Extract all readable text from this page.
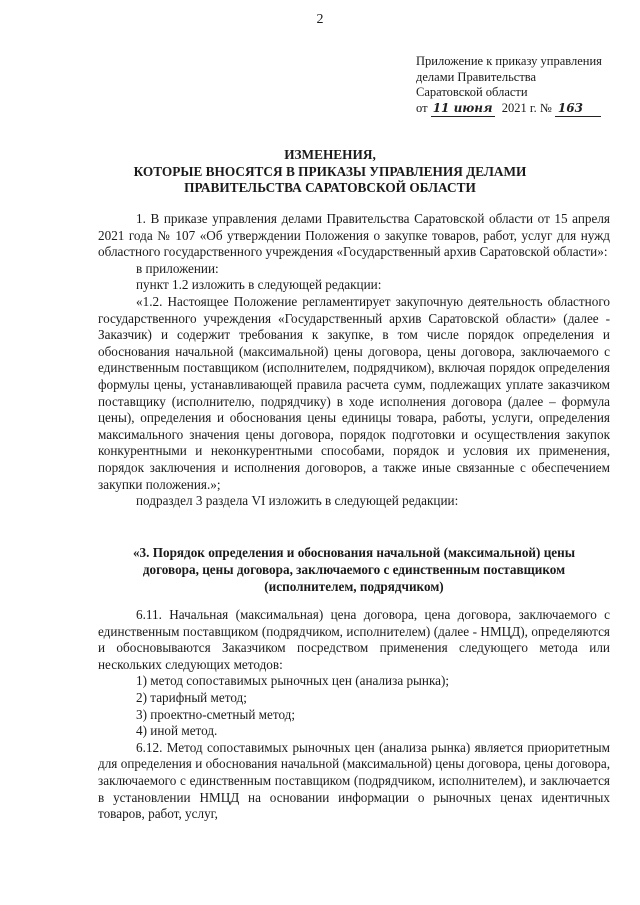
2
Приложение к приказу управления
делами Правительства
Саратовской области
от 11 июня 2021 г. № 163
ИЗМЕНЕНИЯ,
КОТОРЫЕ ВНОСЯТСЯ В ПРИКАЗЫ УПРАВЛЕНИЯ ДЕЛАМИ
ПРАВИТЕЛЬСТВА САРАТОВСКОЙ ОБЛАСТИ

1. В приказе управления делами Правительства Саратовской области от 15 апреля 2021 года № 107 «Об утверждении Положения о закупке товаров, работ, услуг для нужд областного государственного учреждения «Государственный архив Саратовской области»:

в приложении:

пункт 1.2 изложить в следующей редакции:

«1.2. Настоящее Положение регламентирует закупочную деятельность областного государственного учреждения «Государственный архив Саратовской области» (далее - Заказчик) и содержит требования к закупке, в том числе порядок определения и обоснования начальной (максимальной) цены договора, цены договора, заключаемого с единственным поставщиком (исполнителем, подрядчиком), включая порядок определения формулы цены, устанавливающей правила расчета сумм, подлежащих уплате заказчиком поставщику (исполнителю, подрядчику) в ходе исполнения договора (далее – формула цены), определения и обоснования цены единицы товара, работы, услуги, определения максимального значения цены договора, порядок подготовки и осуществления закупок конкурентными и неконкурентными способами, порядок и условия их применения, порядок заключения и исполнения договоров, а также иные связанные с обеспечением закупки положения.»;

подраздел 3 раздела VI изложить в следующей редакции:

«3. Порядок определения и обоснования начальной (максимальной) цены
договора, цены договора, заключаемого с единственным поставщиком
(исполнителем, подрядчиком)

6.11. Начальная (максимальная) цена договора, цена договора, заключаемого с единственным поставщиком (подрядчиком, исполнителем) (далее - НМЦД), определяются и обосновываются Заказчиком посредством применения следующего метода или нескольких следующих методов:

1) метод сопоставимых рыночных цен (анализа рынка);

2) тарифный метод;

3) проектно-сметный метод;

4) иной метод.

6.12. Метод сопоставимых рыночных цен (анализа рынка) является приоритетным для определения и обоснования начальной (максимальной) цены договора, цены договора, заключаемого с единственным поставщиком (подрядчиком, исполнителем), и заключается в установлении НМЦД на основании информации о рыночных ценах идентичных товаров, работ, услуг,
